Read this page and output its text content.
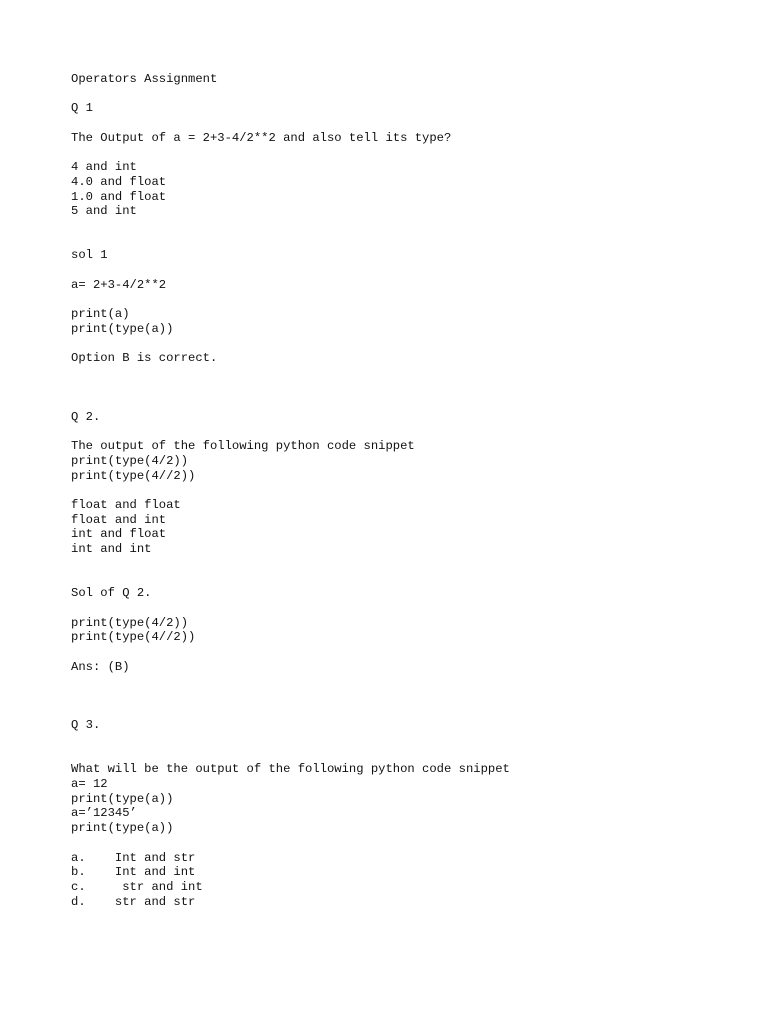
Operators Assignment
Q 1
The Output of a = 2+3-4/2**2 and also tell its type?
4 and int
4.0 and float
1.0 and float
5 and int
sol 1
a= 2+3-4/2**2
print(a)
print(type(a))
Option B is correct.
Q 2.
The output of the following python code snippet
print(type(4/2))
print(type(4//2))
float and float
float and int
int and float
int and int
Sol of Q 2.
print(type(4/2))
print(type(4//2))
Ans: (B)
Q 3.
What will be the output of the following python code snippet
a= 12
print(type(a))
a=’12345’
print(type(a))
a.    Int and str
b.    Int and int
c.     str and int
d.    str and str
